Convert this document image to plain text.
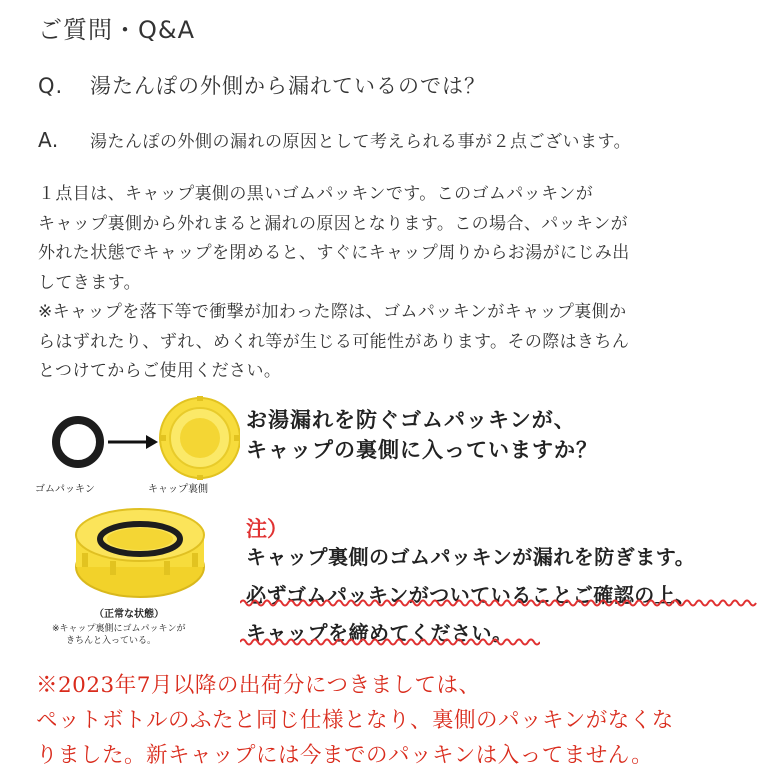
ご質問・Q&A
Q. 湯たんぽの外側から漏れているのでは？
A. 湯たんぽの外側の漏れの原因として考えられる事が２点ございます。

１点目は、キャップ裏側の黒いゴムパッキンです。このゴムパッキンが

キャップ裏側から外れまると漏れの原因となります。この場合、パッキンが

外れた状態でキャップを閉めると、すぐにキャップ周りからお湯がにじみ出

してきます。

※キャップを落下等で衝撃が加わった際は、ゴムパッキンがキャップ裏側か

らはずれたり、ずれ、めくれ等が生じる可能性があります。その際はきちん

とつけてからご使用ください。

ゴムパッキン	キャップ裏側
（正常な状態）
※キャップ裏側にゴムパッキンが
きちんと入っている。
お湯漏れを防ぐゴムパッキンが、
キャップの裏側に入っていますか？
注）
キャップ裏側のゴムパッキンが漏れを防ぎます。
必ずゴムパッキンがついていることご確認の上、
キャップを締めてください。

※2023年7月以降の出荷分につきましては、

ペットボトルのふたと同じ仕様となり、裏側のパッキンがなくな

りました。新キャップには今までのパッキンは入ってません。
